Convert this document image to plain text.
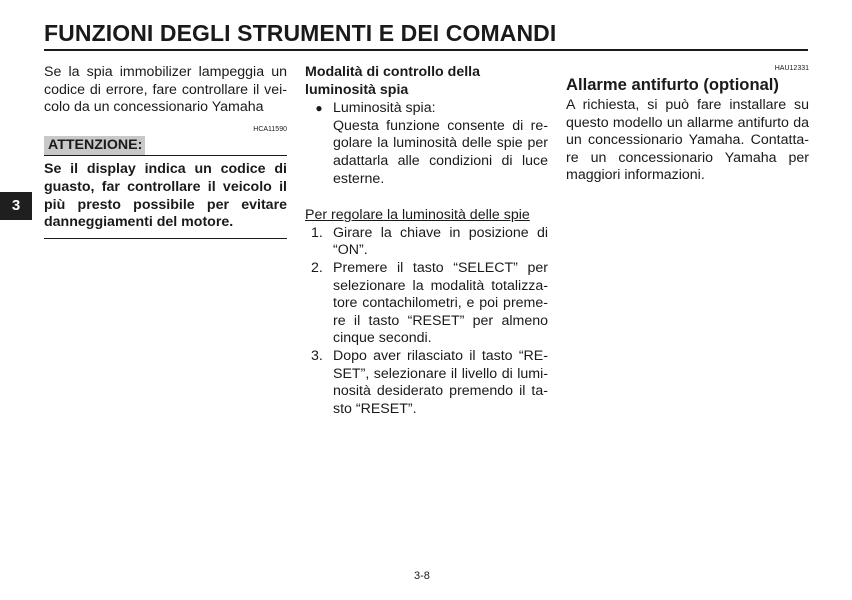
FUNZIONI DEGLI STRUMENTI E DEI COMANDI
3
Se la spia immobilizer lampeggia un
codice di errore, fare controllare il vei-
colo da un concessionario Yamaha
HCA11590
ATTENZIONE:
Se il display indica un codice di
guasto, far controllare il veicolo il
più presto possibile per evitare
danneggiamenti del motore.
Modalità di controllo della
luminosità spia
● Luminosità spia:
Questa funzione consente di re-
golare la luminosità delle spie per
adattarla alle condizioni di luce
esterne.
Per regolare la luminosità delle spie
1. Girare la chiave in posizione di
“ON”.
2. Premere il tasto “SELECT” per
selezionare la modalità totalizza-
tore contachilometri, e poi preme-
re il tasto “RESET” per almeno
cinque secondi.
3. Dopo aver rilasciato il tasto “RE-
SET”, selezionare il livello di lumi-
nosità desiderato premendo il ta-
sto “RESET”.
HAU12331
Allarme antifurto (optional)
A richiesta, si può fare installare su
questo modello un allarme antifurto da
un concessionario Yamaha. Contatta-
re un concessionario Yamaha per
maggiori informazioni.
3-8
